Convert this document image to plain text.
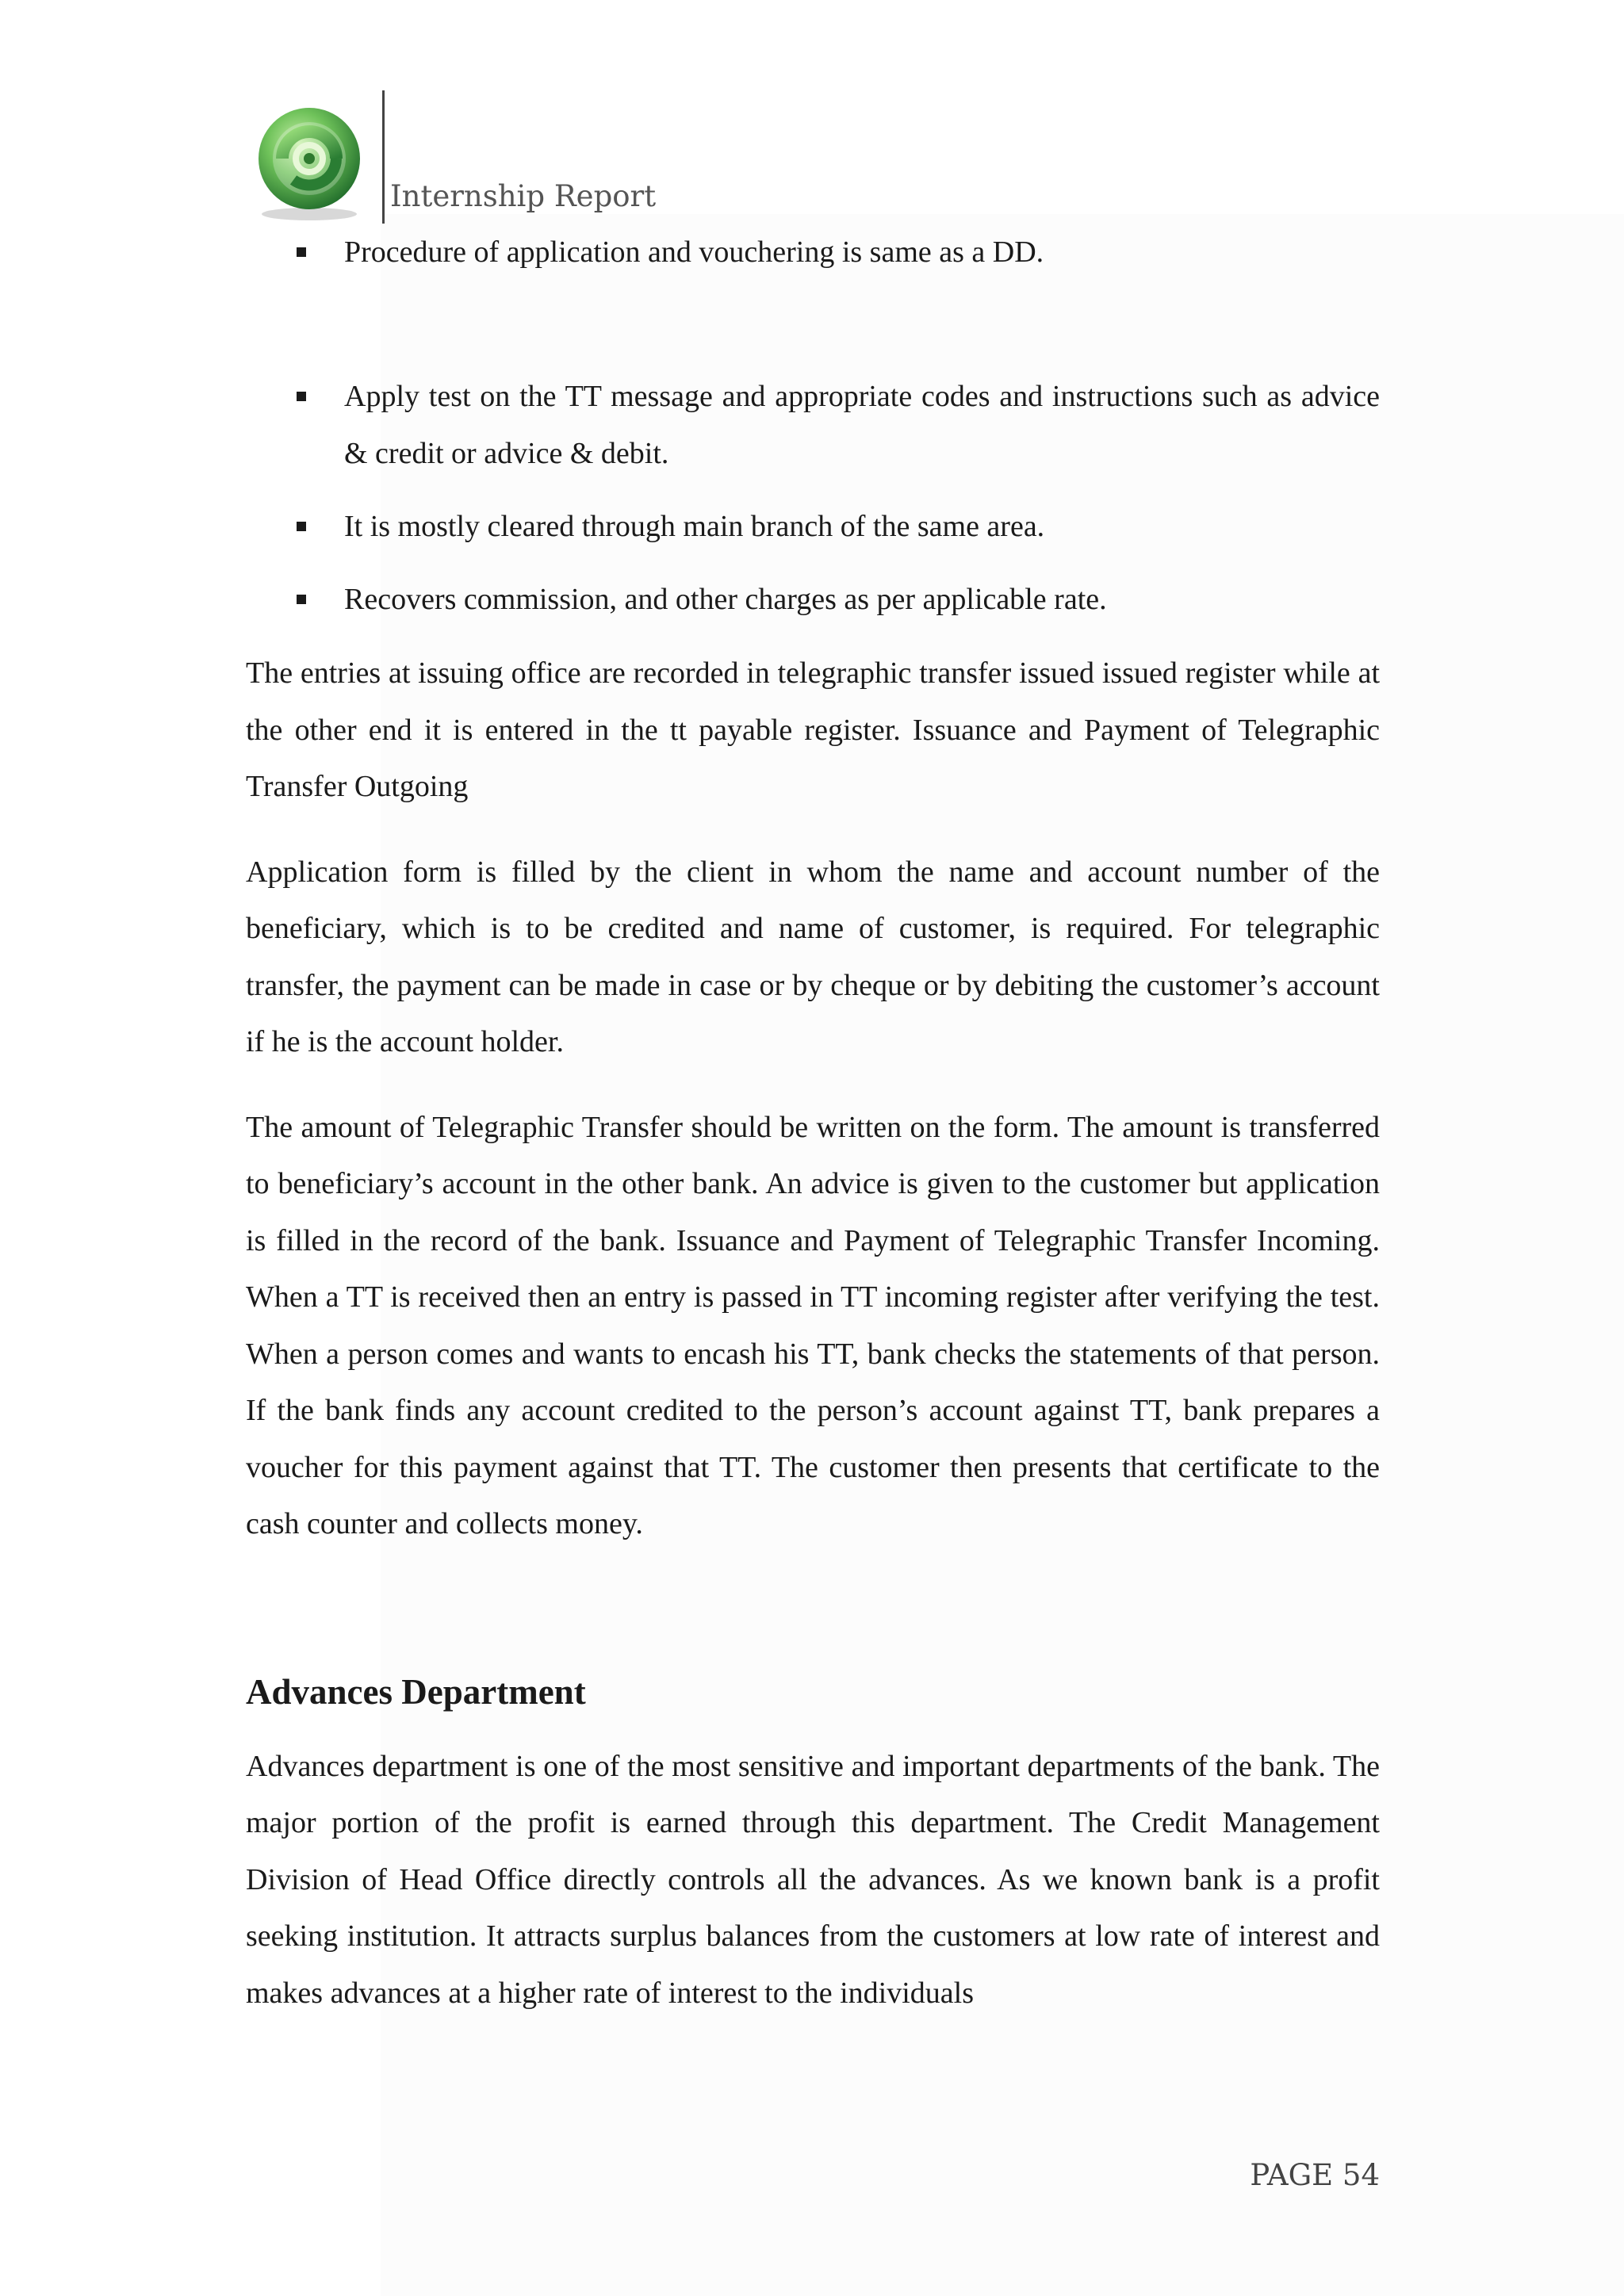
Internship Report
Procedure of application and vouchering is same as a DD.
Apply test on the TT message and appropriate codes and instructions such as advice & credit or advice & debit.
It is mostly cleared through main branch of the same area.
Recovers commission, and other charges as per applicable rate.

The entries at issuing office are recorded in telegraphic transfer issued issued register while at the other end it is entered in the tt payable register. Issuance and Payment of Telegraphic Transfer Outgoing

Application form is filled by the client in whom the name and account number of the beneficiary, which is to be credited and name of customer, is required. For telegraphic transfer, the payment can be made in case or by cheque or by debiting the customer’s account if he is the account holder.

The amount of Telegraphic Transfer should be written on the form. The amount is transferred to beneficiary’s account in the other bank. An advice is given to the customer but application is filled in the record of the bank. Issuance and Payment of Telegraphic Transfer Incoming. When a TT is received then an entry is passed in TT incoming register after verifying the test. When a person comes and wants to encash his TT, bank checks the statements of that person. If the bank finds any account credited to the person’s account against TT, bank prepares a voucher for this payment against that TT. The customer then presents that certificate to the cash counter and collects money.

Advances Department

Advances department is one of the most sensitive and important departments of the bank. The major portion of the profit is earned through this department. The Credit Management Division of Head Office directly controls all the advances. As we known bank is a profit seeking institution. It attracts surplus balances from the customers at low rate of interest and makes advances at a higher rate of interest to the individuals

PAGE 54
